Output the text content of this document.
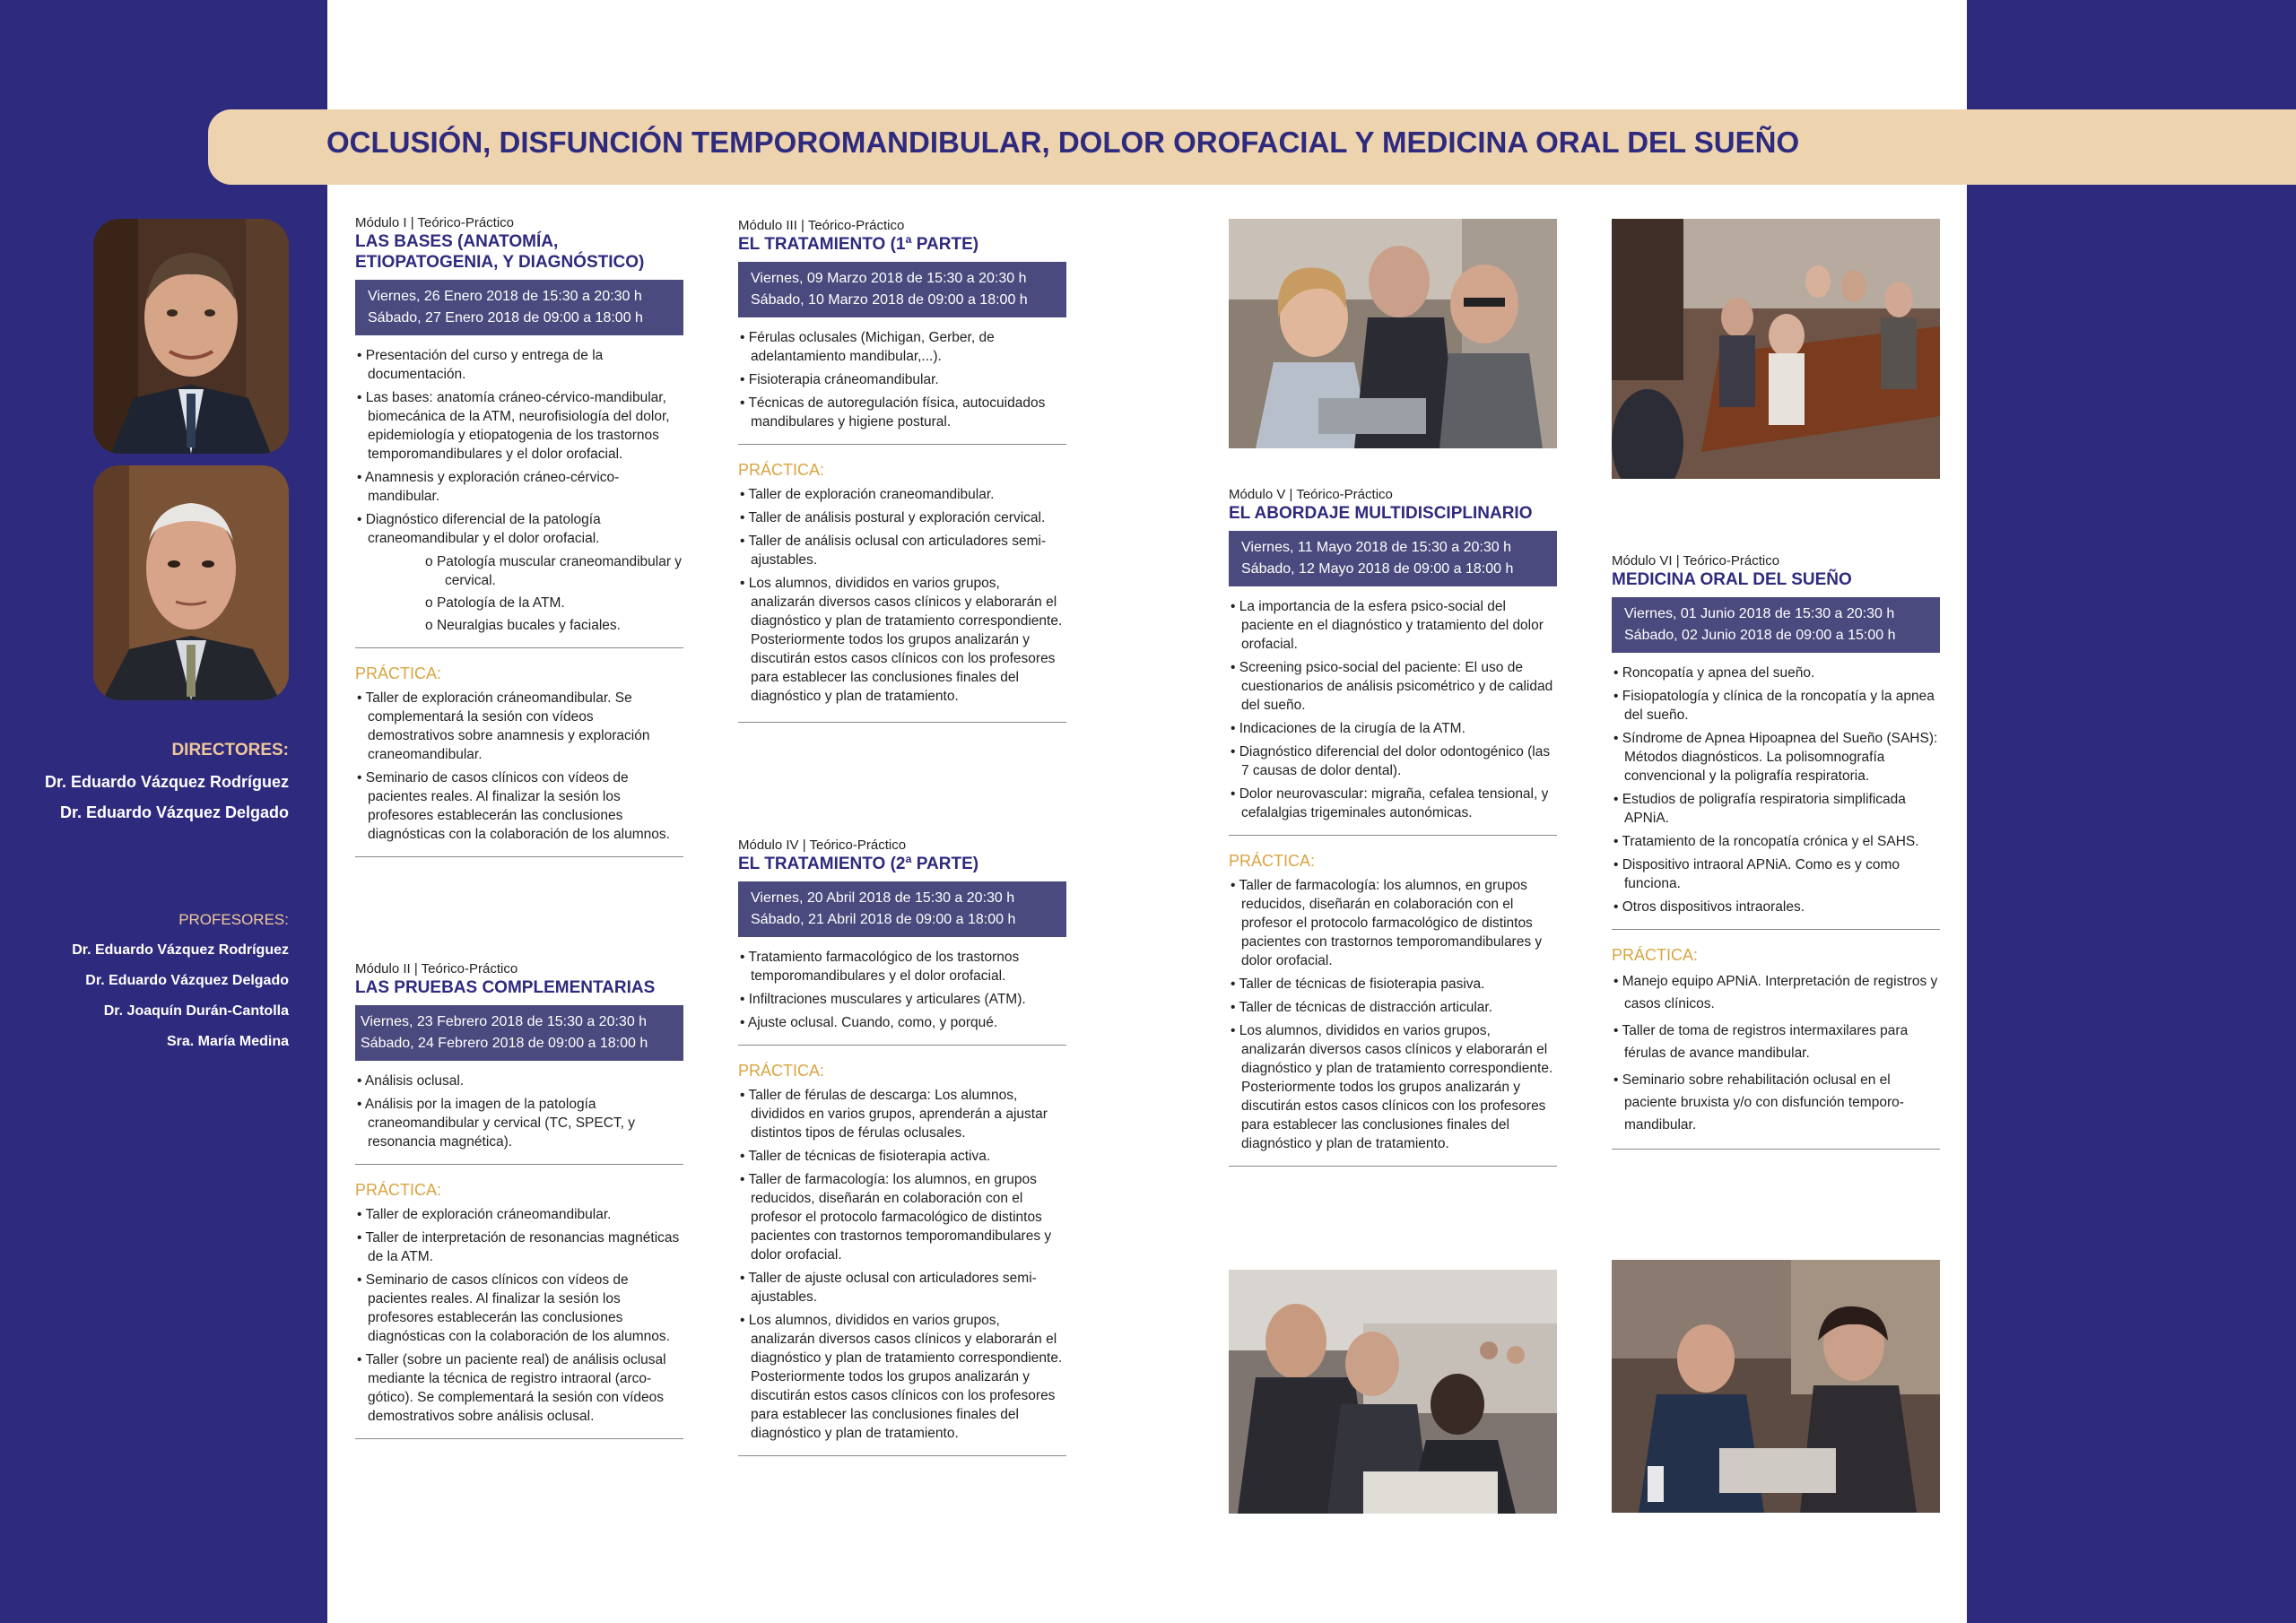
OCLUSIÓN, DISFUNCIÓN TEMPOROMANDIBULAR, DOLOR OROFACIAL Y MEDICINA ORAL DEL SUEÑO
DIRECTORES:
Dr. Eduardo Vázquez Rodríguez
Dr. Eduardo Vázquez Delgado
PROFESORES:
Dr. Eduardo Vázquez Rodríguez
Dr. Eduardo Vázquez Delgado
Dr. Joaquín Durán-Cantolla
Sra. María Medina
Módulo I | Teórico-Práctico
LAS BASES (ANATOMÍA,
ETIOPATOGENIA, Y DIAGNÓSTICO)
Viernes, 26 Enero 2018 de 15:30 a 20:30 h
Sábado, 27 Enero 2018 de 09:00 a 18:00 h
• Presentación del curso y entrega de la documentación.
• Las bases: anatomía cráneo-cérvico-mandibular, biomecánica de la ATM, neurofisiología del dolor, epidemiología y etiopatogenia de los trastornos temporomandibulares y el dolor orofacial.
• Anamnesis y exploración cráneo-cérvico-mandibular.
• Diagnóstico diferencial de la patología craneomandibular y el dolor orofacial.
o Patología muscular craneomandibular y cervical.
o Patología de la ATM.
o Neuralgias bucales y faciales.
PRÁCTICA:
• Taller de exploración cráneomandibular. Se complementará la sesión con vídeos demostrativos sobre anamnesis y exploración craneomandibular.
• Seminario de casos clínicos con vídeos de pacientes reales. Al finalizar la sesión los profesores establecerán las conclusiones diagnósticas con la colaboración de los alumnos.
Módulo II | Teórico-Práctico
LAS PRUEBAS COMPLEMENTARIAS
Viernes, 23 Febrero 2018 de 15:30 a 20:30 h
Sábado, 24 Febrero 2018 de 09:00 a 18:00 h
• Análisis oclusal.
• Análisis por la imagen de la patología craneomandibular y cervical (TC, SPECT, y resonancia magnética).
PRÁCTICA:
• Taller de exploración cráneomandibular.
• Taller de interpretación de resonancias magnéticas de la ATM.
• Seminario de casos clínicos con vídeos de pacientes reales. Al finalizar la sesión los profesores establecerán las conclusiones diagnósticas con la colaboración de los alumnos.
• Taller (sobre un paciente real) de análisis oclusal mediante la técnica de registro intraoral (arco-gótico). Se complementará la sesión con vídeos demostrativos sobre análisis oclusal.
Módulo III | Teórico-Práctico
EL TRATAMIENTO (1ª PARTE)
Viernes, 09 Marzo 2018 de 15:30 a 20:30 h
Sábado, 10 Marzo 2018 de 09:00 a 18:00 h
• Férulas oclusales (Michigan, Gerber, de adelantamiento mandibular,...).
• Fisioterapia cráneomandibular.
• Técnicas de autoregulación física, autocuidados mandibulares y higiene postural.
PRÁCTICA:
• Taller de exploración craneomandibular.
• Taller de análisis postural y exploración cervical.
• Taller de análisis oclusal con articuladores semi-ajustables.
• Los alumnos, divididos en varios grupos, analizarán diversos casos clínicos y elaborarán el diagnóstico y plan de tratamiento correspondiente. Posteriormente todos los grupos analizarán y discutirán estos casos clínicos con los profesores para establecer las conclusiones finales del diagnóstico y plan de tratamiento.
Módulo IV | Teórico-Práctico
EL TRATAMIENTO (2ª PARTE)
Viernes, 20 Abril 2018 de 15:30 a 20:30 h
Sábado, 21 Abril 2018 de 09:00 a 18:00 h
• Tratamiento farmacológico de los trastornos temporomandibulares y el dolor orofacial.
• Infiltraciones musculares y articulares (ATM).
• Ajuste oclusal. Cuando, como, y porqué.
PRÁCTICA:
• Taller de férulas de descarga: Los alumnos, divididos en varios grupos, aprenderán a ajustar distintos tipos de férulas oclusales.
• Taller de técnicas de fisioterapia activa.
• Taller de farmacología: los alumnos, en grupos reducidos, diseñarán en colaboración con el profesor el protocolo farmacológico de distintos pacientes con trastornos temporomandibulares y dolor orofacial.
• Taller de ajuste oclusal con articuladores semi-ajustables.
• Los alumnos, divididos en varios grupos, analizarán diversos casos clínicos y elaborarán el diagnóstico y plan de tratamiento correspondiente. Posteriormente todos los grupos analizarán y discutirán estos casos clínicos con los profesores para establecer las conclusiones finales del diagnóstico y plan de tratamiento.
Módulo V | Teórico-Práctico
EL ABORDAJE MULTIDISCIPLINARIO
Viernes, 11 Mayo 2018 de 15:30 a 20:30 h
Sábado, 12 Mayo 2018 de 09:00 a 18:00 h
• La importancia de la esfera psico-social del paciente en el diagnóstico y tratamiento del dolor orofacial.
• Screening psico-social del paciente: El uso de cuestionarios de análisis psicométrico y de calidad del sueño.
• Indicaciones de la cirugía de la ATM.
• Diagnóstico diferencial del dolor odontogénico (las 7 causas de dolor dental).
• Dolor neurovascular: migraña, cefalea tensional, y cefalalgias trigeminales autonómicas.
PRÁCTICA:
• Taller de farmacología: los alumnos, en grupos reducidos, diseñarán en colaboración con el profesor el protocolo farmacológico de distintos pacientes con trastornos temporomandibulares y dolor orofacial.
• Taller de técnicas de fisioterapia pasiva.
• Taller de técnicas de distracción articular.
• Los alumnos, divididos en varios grupos, analizarán diversos casos clínicos y elaborarán el diagnóstico y plan de tratamiento correspondiente. Posteriormente todos los grupos analizarán y discutirán estos casos clínicos con los profesores para establecer las conclusiones finales del diagnóstico y plan de tratamiento.
Módulo VI | Teórico-Práctico
MEDICINA ORAL DEL SUEÑO
Viernes, 01 Junio 2018 de 15:30 a 20:30 h
Sábado, 02 Junio 2018 de 09:00 a 15:00 h
• Roncopatía y apnea del sueño.
• Fisiopatología y clínica de la roncopatía y la apnea del sueño.
• Síndrome de Apnea Hipoapnea del Sueño (SAHS): Métodos diagnósticos. La polisomnografía convencional y la poligrafía respiratoria.
• Estudios de poligrafía respiratoria simplificada APNiA.
• Tratamiento de la roncopatía crónica y el SAHS.
• Dispositivo intraoral APNiA. Como es y como funciona.
• Otros dispositivos intraorales.
PRÁCTICA:
• Manejo equipo APNiA. Interpretación de registros y casos clínicos.
• Taller de toma de registros intermaxilares para férulas de avance mandibular.
• Seminario sobre rehabilitación oclusal en el paciente bruxista y/o con disfunción temporo-mandibular.
